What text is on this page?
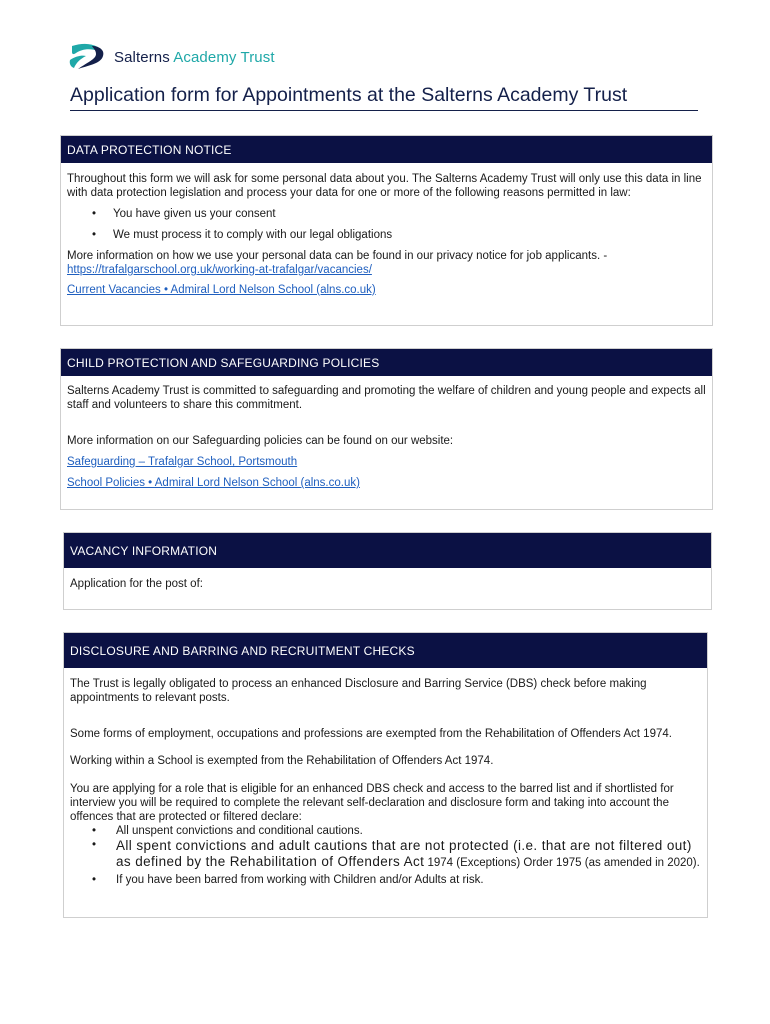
Salterns Academy Trust
Application form for Appointments at the Salterns Academy Trust
DATA PROTECTION NOTICE

Throughout this form we will ask for some personal data about you. The Salterns Academy Trust will only use this data in line with data protection legislation and process your data for one or more of the following reasons permitted in law:

• You have given us your consent
• We must process it to comply with our legal obligations

More information on how we use your personal data can be found in our privacy notice for job applicants. -
https://trafalgarschool.org.uk/working-at-trafalgar/vacancies/

Current Vacancies • Admiral Lord Nelson School (alns.co.uk)

CHILD PROTECTION AND SAFEGUARDING POLICIES

Salterns Academy Trust is committed to safeguarding and promoting the welfare of children and young people and expects all staff and volunteers to share this commitment.

More information on our Safeguarding policies can be found on our website:

Safeguarding – Trafalgar School, Portsmouth

School Policies • Admiral Lord Nelson School (alns.co.uk)

VACANCY INFORMATION

Application for the post of:

DISCLOSURE AND BARRING AND RECRUITMENT CHECKS

The Trust is legally obligated to process an enhanced Disclosure and Barring Service (DBS) check before making appointments to relevant posts.

Some forms of employment, occupations and professions are exempted from the Rehabilitation of Offenders Act 1974.

Working within a School is exempted from the Rehabilitation of Offenders Act 1974.

You are applying for a role that is eligible for an enhanced DBS check and access to the barred list and if shortlisted for interview you will be required to complete the relevant self-declaration and disclosure form and taking into account the offences that are protected or filtered declare:

• All unspent convictions and conditional cautions.
• All spent convictions and adult cautions that are not protected (i.e. that are not filtered out) as defined by the Rehabilitation of Offenders Act 1974 (Exceptions) Order 1975 (as amended in 2020).
• If you have been barred from working with Children and/or Adults at risk.
